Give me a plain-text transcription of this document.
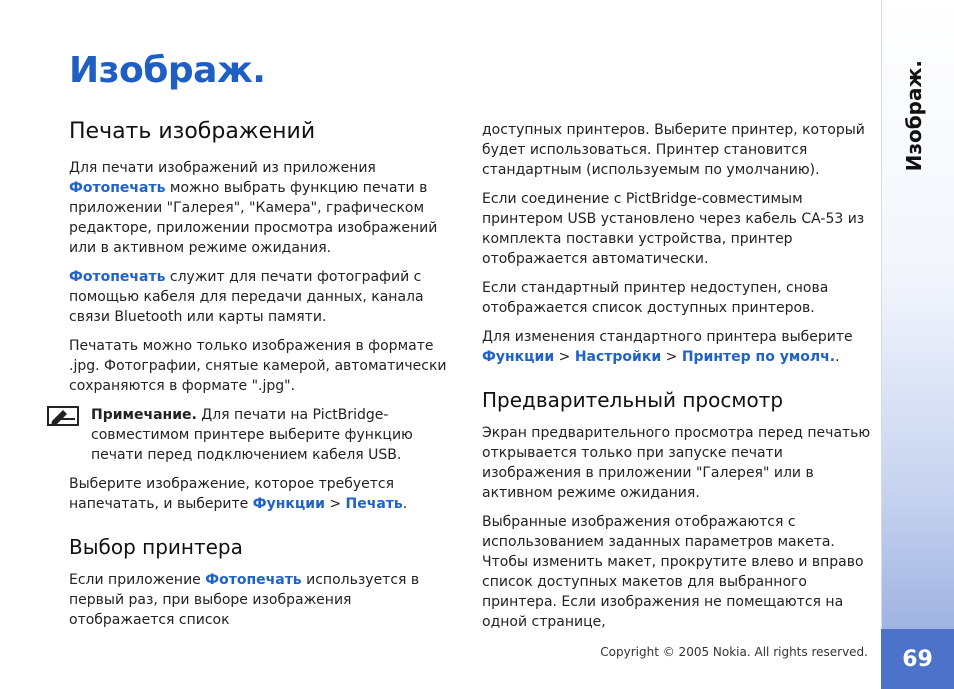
Изображ.
Печать изображений

Для печати изображений из приложения Фотопечать можно выбрать функцию печати в приложении "Галерея", "Камера", графическом редакторе, приложении просмотра изображений или в активном режиме ожидания.

Фотопечать служит для печати фотографий с помощью кабеля для передачи данных, канала связи Bluetooth или карты памяти.

Печатать можно только изображения в формате .jpg. Фотографии, снятые камерой, автоматически сохраняются в формате ".jpg".

Примечание. Для печати на PictBridge-совместимом принтере выберите функцию печати перед подключением кабеля USB.

Выберите изображение, которое требуется напечатать, и выберите Функции > Печать.

Выбор принтера

Если приложение Фотопечать используется в первый раз, при выборе изображения отображается список

доступных принтеров. Выберите принтер, который будет использоваться. Принтер становится стандартным (используемым по умолчанию).

Если соединение с PictBridge-совместимым принтером USB установлено через кабель CA-53 из комплекта поставки устройства, принтер отображается автоматически.

Если стандартный принтер недоступен, снова отображается список доступных принтеров.

Для изменения стандартного принтера выберите Функции > Настройки > Принтер по умолч..

Предварительный просмотр

Экран предварительного просмотра перед печатью открывается только при запуске печати изображения в приложении "Галерея" или в активном режиме ожидания.

Выбранные изображения отображаются с использованием заданных параметров макета. Чтобы изменить макет, прокрутите влево и вправо список доступных макетов для выбранного принтера. Если изображения не помещаются на одной странице,

Изображ.
69
Copyright © 2005 Nokia. All rights reserved.
